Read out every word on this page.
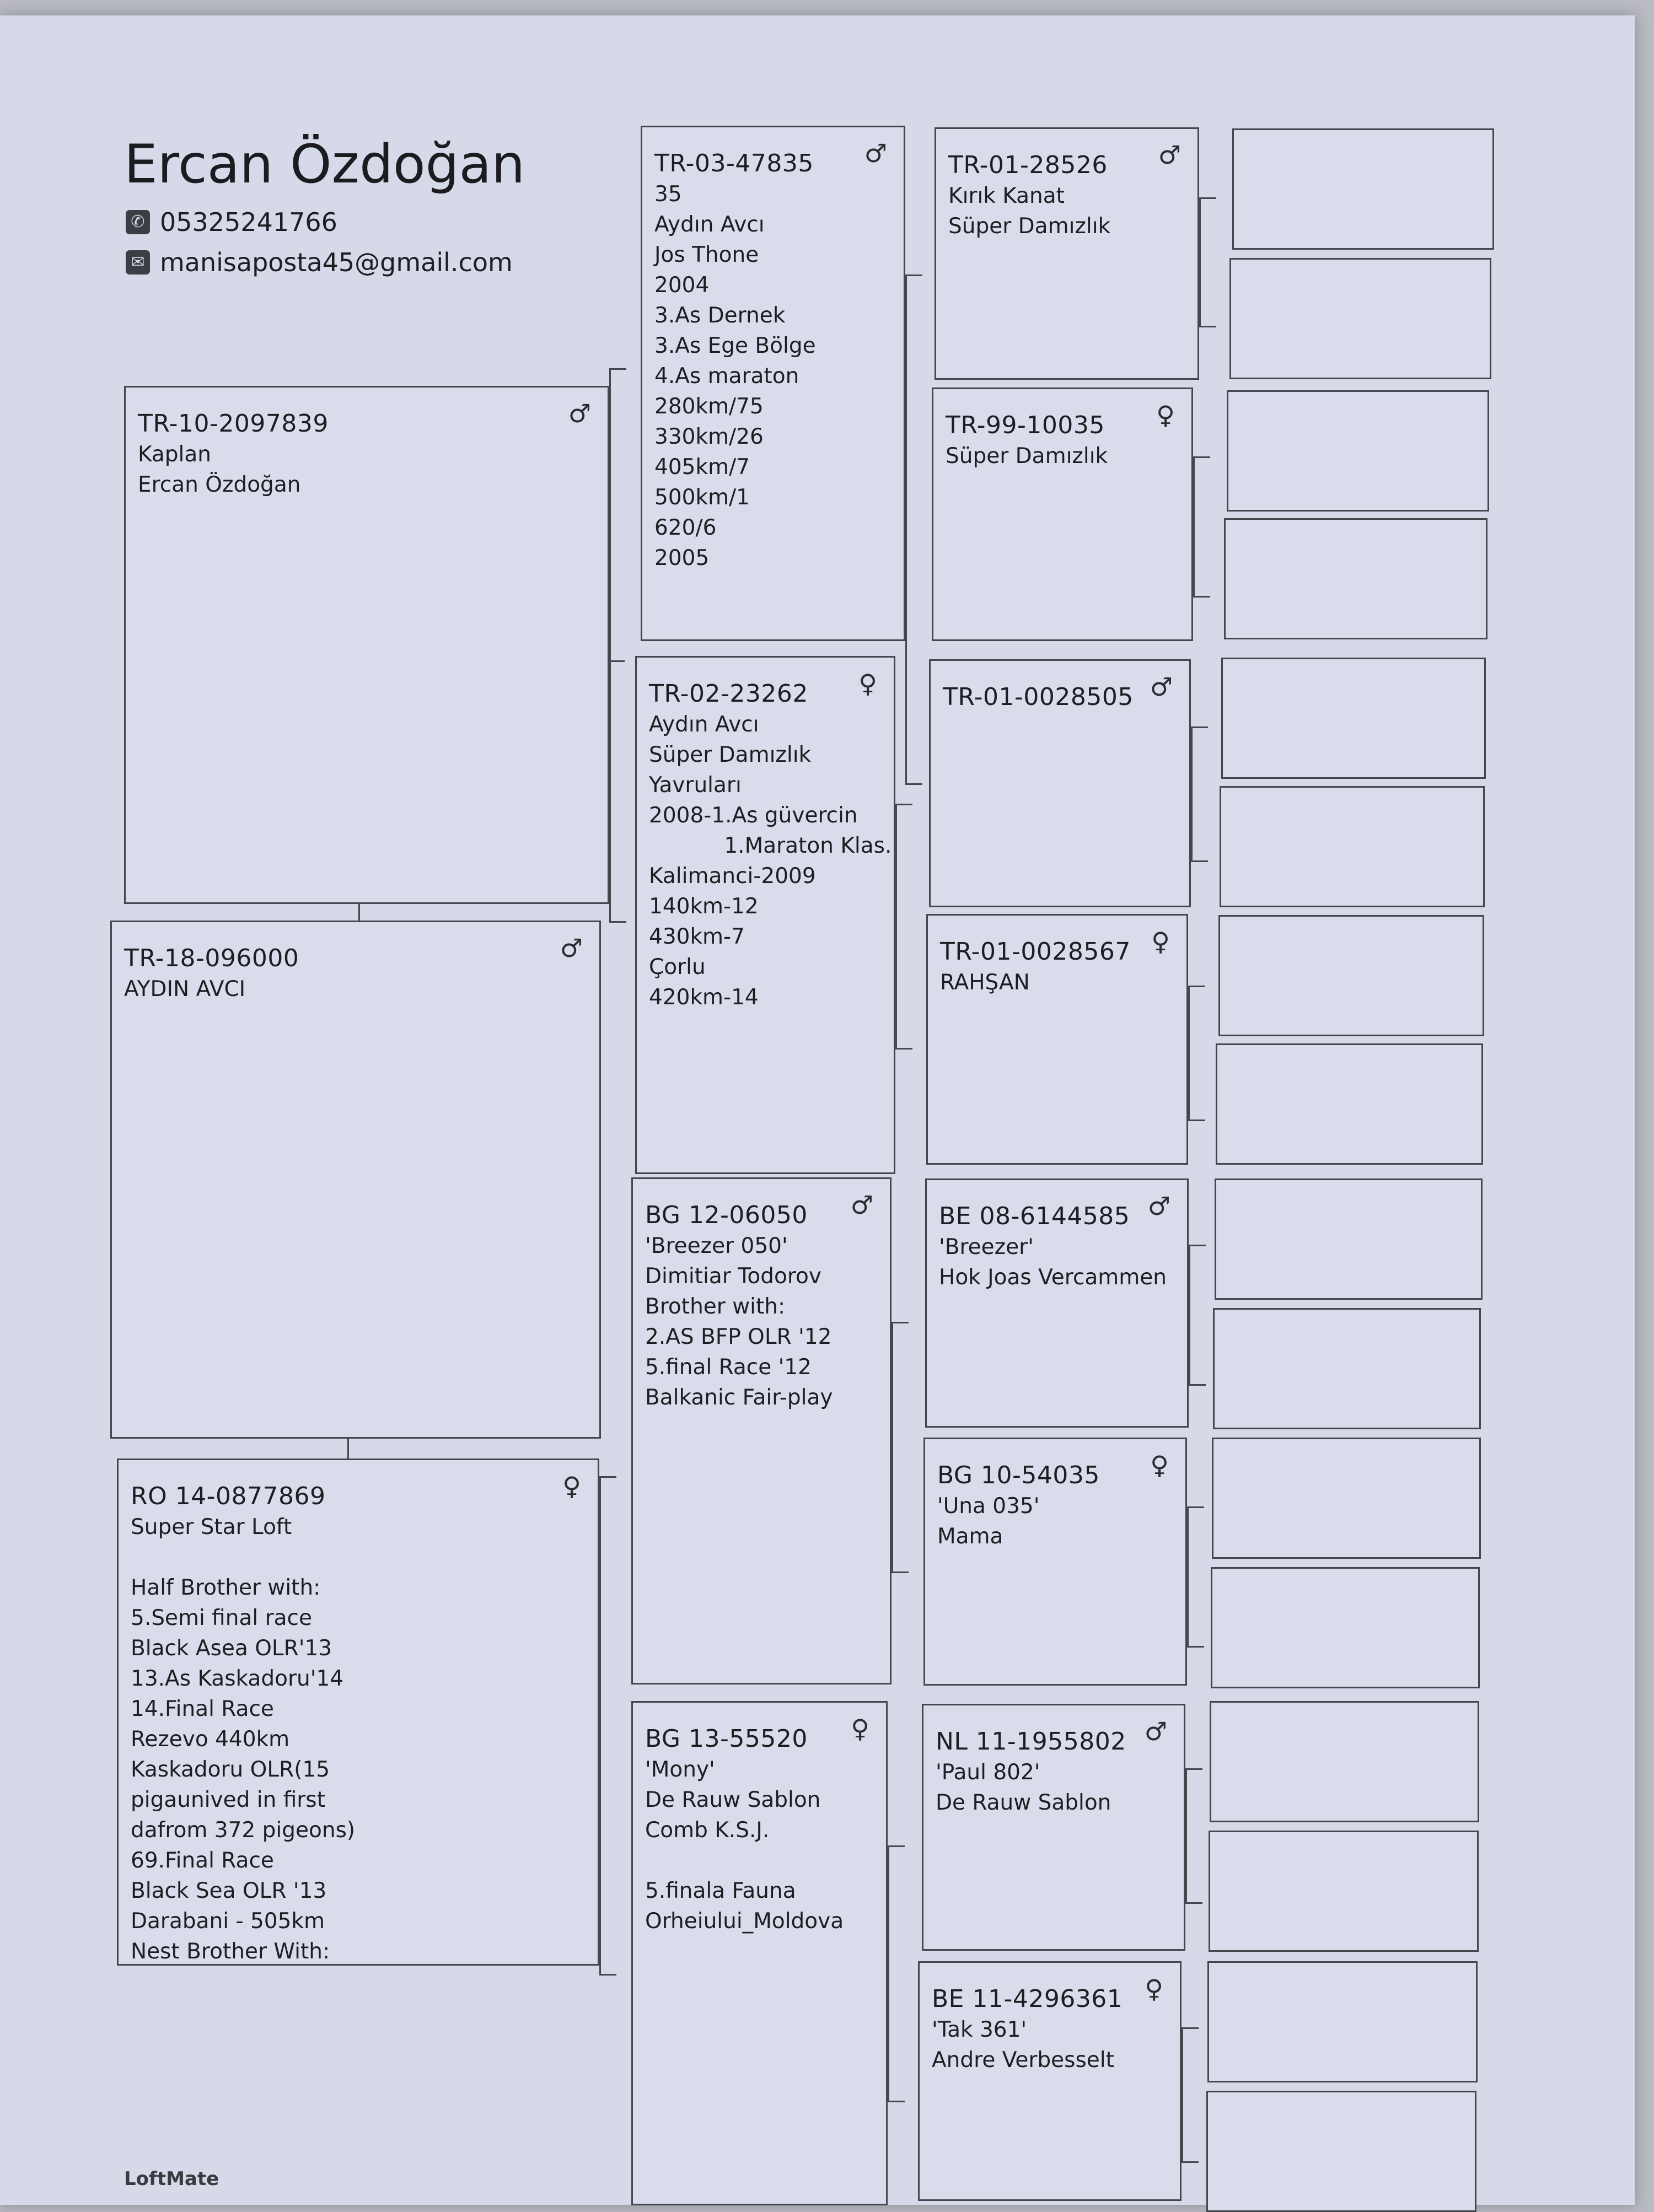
Ercan Özdoğan
✆ 05325241766
✉ manisaposta45@gmail.com
♂
TR-10-2097839
Kaplan
Ercan Özdoğan
♂
TR-18-096000
AYDIN AVCI
♀
RO 14-0877869
Super Star Loft

Half Brother with:
5.Semi final race
Black Asea OLR'13
13.As Kaskadoru'14
14.Final Race
Rezevo 440km
Kaskadoru OLR(15
pigaunived in first
dafrom 372 pigeons)
69.Final Race
Black Sea OLR '13
Darabani - 505km
Nest Brother With:
♂
TR-03-47835
35
Aydın Avcı
Jos Thone
2004
3.As Dernek
3.As Ege Bölge
4.As maraton
280km/75
330km/26
405km/7
500km/1
620/6
2005
♀
TR-02-23262
Aydın Avcı
Süper Damızlık
Yavruları
2008-1.As güvercin
1.Maraton Klas.
Kalimanci-2009
140km-12
430km-7
Çorlu
420km-14
♂
BG 12-06050
'Breezer 050'
Dimitiar Todorov
Brother with:
2.AS BFP OLR '12
5.final Race '12
Balkanic Fair-play
♀
BG 13-55520
'Mony'
De Rauw Sablon
Comb K.S.J.

5.finala Fauna
Orheiului_Moldova
♂
TR-01-28526
Kırık Kanat
Süper Damızlık
♀
TR-99-10035
Süper Damızlık
♂
TR-01-0028505
♀
TR-01-0028567
RAHŞAN
♂
BE 08-6144585
'Breezer'
Hok Joas Vercammen
♀
BG 10-54035
'Una 035'
Mama
♂
NL 11-1955802
'Paul 802'
De Rauw Sablon
♀
BE 11-4296361
'Tak 361'
Andre Verbesselt
LoftMate
